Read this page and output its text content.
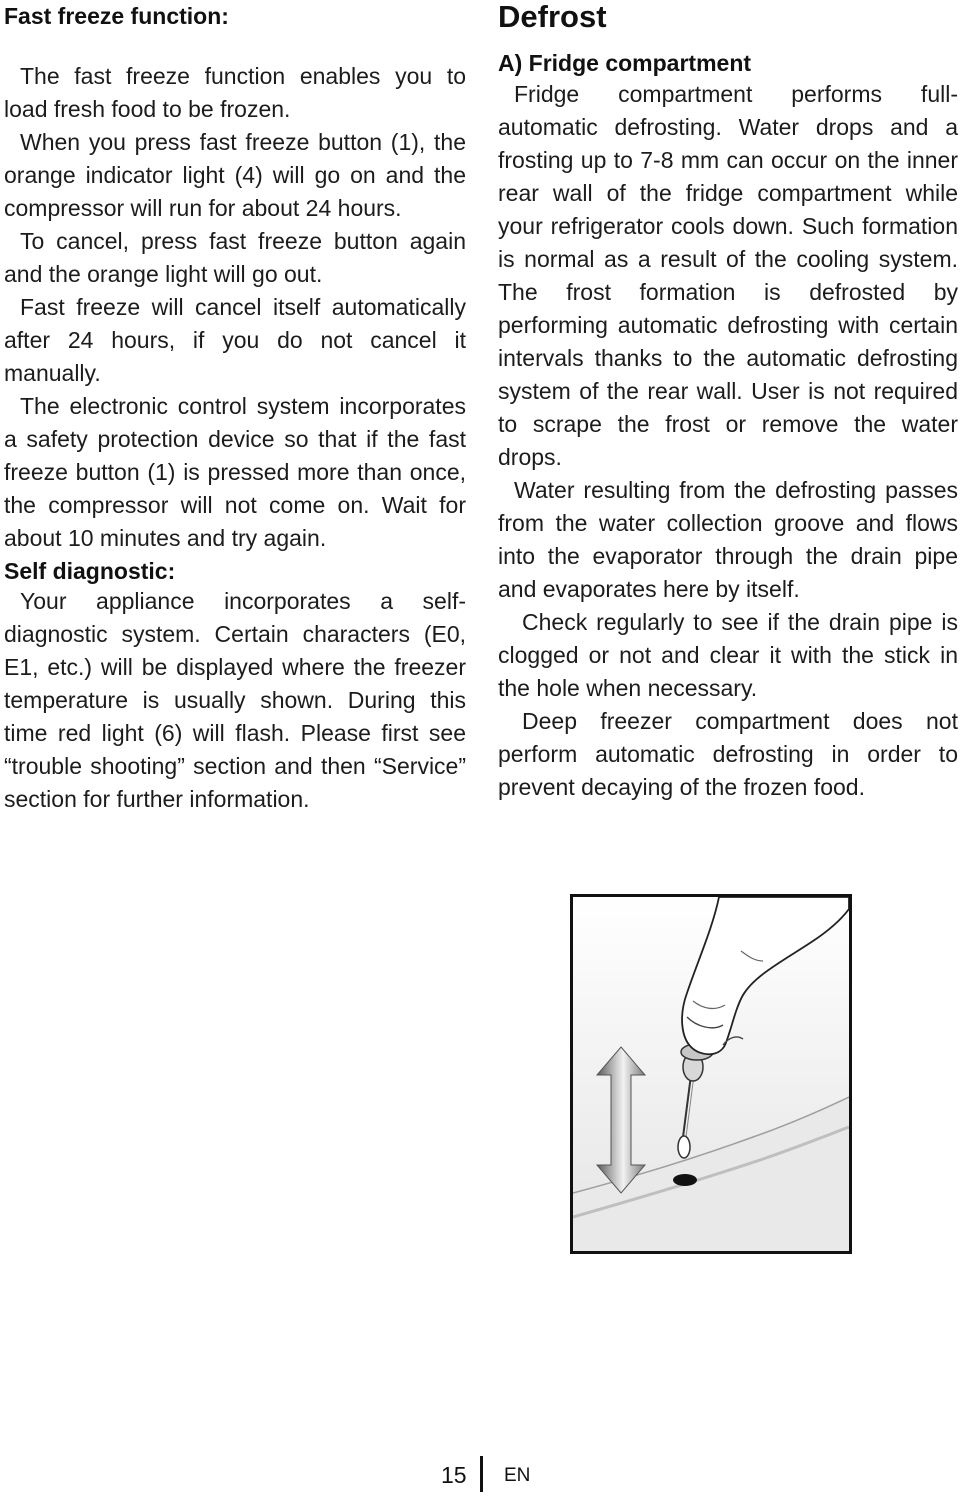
Fast freeze function:

The fast freeze function enables you to load fresh food to be frozen.

When you press fast freeze button (1), the orange indicator light (4) will go on and the compressor will run for about 24 hours.

To cancel, press fast freeze button again and the orange light will go out.

Fast freeze will cancel itself automatically after 24 hours, if you do not cancel it manually.

The electronic control system incorporates a safety protection device so that if the fast freeze button (1) is pressed more than once, the compressor will not come on. Wait for about 10 minutes and try again.

Self diagnostic:

Your appliance incorporates a self-diagnostic system. Certain characters (E0, E1, etc.) will be displayed where the freezer temperature is usually shown. During this time red light (6) will flash. Please first see “trouble shooting” section and then “Service” section for further information.

Defrost
A) Fridge compartment

Fridge compartment performs full-automatic defrosting. Water drops and a frosting up to 7-8 mm can occur on the inner rear wall of the fridge compartment while your refrigerator cools down. Such formation is normal as a result of the cooling system. The frost formation is defrosted by performing automatic defrosting with certain intervals thanks to the automatic defrosting system of the rear wall. User is not required to scrape the frost or remove the water drops.

Water resulting from the defrosting passes from the water collection groove and flows into the evaporator through the drain pipe and evaporates here by itself.

Check regularly to see if the drain pipe is clogged or not and clear it with the stick in the hole when necessary.

Deep freezer compartment does not perform automatic defrosting in order to prevent decaying of the frozen food.

15 EN
